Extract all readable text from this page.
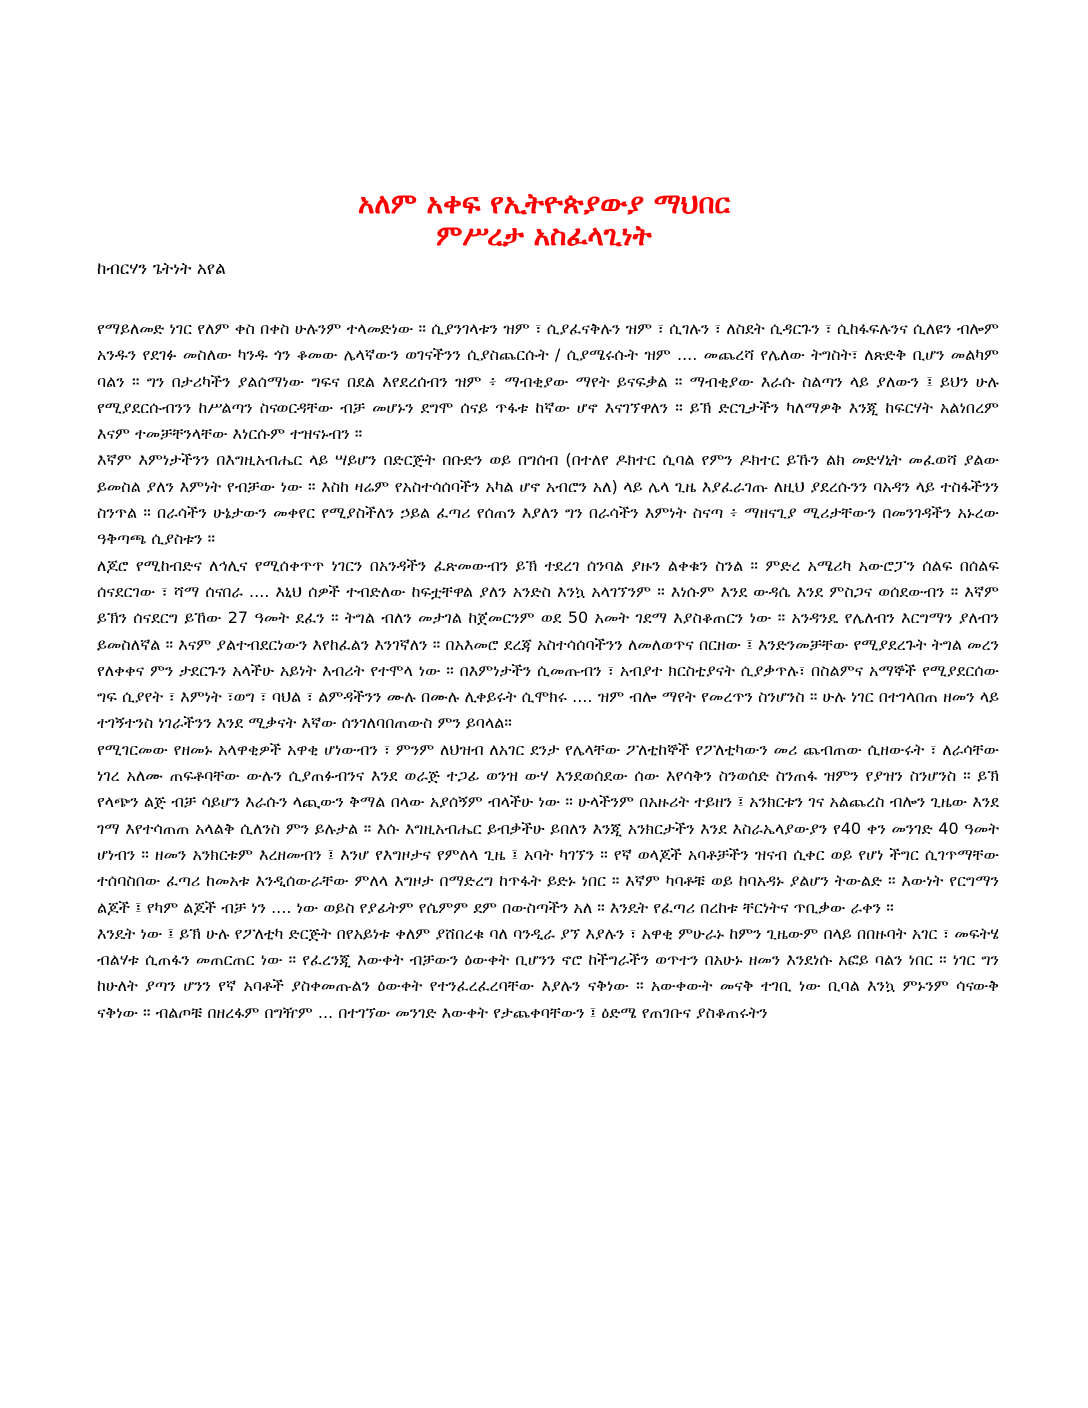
አለም አቀፍ የኢትዮጵያውያ ማህበር

ምሥረታ አስፈላጊነት

ከብርሃን ጌትነት አየል

የማይለመድ ነገር የለም ቀስ በቀስ ሁሉንም ተላመድነው ። ሲያንገላቱን ዝም ፣ ሲያፈናቅሉን ዝም ፣ ሲገሉን ፣ ለስደት ሲዳርጉን ፣ ሲከፋፍሉንና ሲለዩን ብሎም አንዱን የደገፉ መስለው ካንዱ ጎን ቆመው ሌላኛውን ወገናችንን ሲያስጨርሱት / ሲያሜሩሱት ዝም .... መጨረሻ የሌለው ትግስት፣ ለጽድቅ ቢሆን መልካም ባልን ። ግን በታሪካችን ያልሰማነው ግፍና በደል እየደረሰብን ዝም ፥ ማብቂያው ማየት ይናፍቃል ። ማብቂያው እራሱ ስልጣን ላይ ያለውን ፤ ይህን ሁሉ የሚያደርሱብንን ከሥልጣን ስናወርዳቸው ብቻ መሆኑን ደግሞ ሰናይ ጥፋቱ ከኛው ሆኖ እናገኘዋለን ። ይኽ ድርጊታችን ካለማዎቅ እንጂ ከፍርሃት አልነበረም እናም ተመቻቸንላቸው እነርሱም ተዝናኑብን ።

እኛም እምነታችንን በእግዚአብሔር ላይ ሣይሆን በድርጅት በቡድን ወይ በግሰብ (በተለየ ዶክተር ሲባል የምን ዶክተር ይኹን ልክ መድሃኒት መፈወሻ ያልው ይመስል ያለን እምነት የብቻው ነው ። እስከ ዛሬም የአስተሳሰባችን አካል ሆኖ አብሮን አለ) ላይ ሌላ ጊዜ እያፈራገጡ ለዚህ ያደረሱንን ባአዳን ላይ ተስፋችንን ስንጥል ። በራሳችን ሁኔታውን መቀየር የሚያስችለን ኃይል ፈጣሪ የሰጠን እያለን ግን በራሳችን እምነት ስናጣ ፥ ማዘናጊያ ሚሪታቸውን በመንገዳችን አኑረው ዓቅጣጫ ሲያስቱን ።

ለጆሮ የሚከብድና ለኅሊና የሚሰቀጥጥ ነገርን በአንዳችን ፈጽመውብን ይኽ ተደረገ ሰንባል ያዙን ልቀቁን ስንል ። ምድረ አሜሪካ አውሮፓን ሰልፍ በሰልፍ ሰናደርገው ፣ ሻማ ሰናበራ .... እኒህ ሰዎች ተብድለው ከፍቷቸዋል ያለን አንድስ እንኳ አላገኘንም ። እነሱም እንደ ውዳሴ እንደ ምስጋና ወሰደውብን ። እኛም ይኽን ሰናደርግ ይኸው 27 ዓመት ደፈን ። ትግል ብለን መታገል ከጀመርንም ወደ 50 አመት ገደማ እያስቆጠርን ነው ። አንዳንዴ የሌለብን እርግማን ያለብን ይመስለኛል ። እናም ያልተብደርነውን እየከፈልን እንገኛለን ። በአእመሮ ደረጃ አስተሳሰባችንን ለመለወጥና በርዘው ፤ እንድንመቻቸው የሚያደረጉት ትግል መረን የለቀቀና ምን ታደርጉን አላችሁ አይነት እብሪት የተሞላ ነው ። በእምነታችን ሲመጡብን ፣ አብያተ ክርስቲያናት ሲያቃጥሉ፣ በስልምና አማኞች የሚያደርሰው ግፍ ሲያየት ፣ እምነት ፣ወግ ፣ ባህል ፣ ልምዳችንን ሙሉ በሙሉ ሊቀይሩት ሲሞክሩ .... ዝም ብሎ ማየት የመረጥን ስንሆንስ ። ሁሉ ነገር በተገላበጠ ዘመን ላይ ተገኝተንስ ነገራችንን እንደ ሚቃናት እኛው ሰንገለባበጠውስ ምን ይባላል።

የሚገርመው የዘመኑ አላዋቂዎች አዋቂ ሆነውብን ፣ ምንም ለህዝብ ለአገር ደንታ የሌላቸው ፖለቲከኞች የፖለቲካውን መሪ ጨብጠው ሲዘውሩት ፣ ለራሳቸው ነገረ አለሙ ጠፍቶባቸው ውሉን ሲያጠፉብንና እንደ ወራጅ ተጋፊ ወንዝ ውሃ እንደወሰደው ሰው እየሳቅን ስንወሰድ ስንጠፋ ዝምን የያዝን ስንሆንስ ። ይኽ የላጭን ልጅ ብቻ ሳይሆን እራሱን ላጪውን ቅማል በላው አያሰኝም ብላችሁ ነው ። ሁላችንም በአዙሪት ተይዘን ፤ አንክርቱን ገና አልጨረስ ብሎን ጊዜው እንደ ገማ እየተሳጠጠ አላልቅ ሲለንስ ምን ይሉታል ። እሱ እግዚአብሔር ይብቃችሁ ይበለን እንጂ አንክርታችን እንደ እስራኤላያውያን የ40 ቀን መንገድ 40 ዓመት ሆነብን ። ዘመን አንክርቱም እረዘመብን ፤ እንሆ የእግዞታና የምለላ ጊዜ ፤ አባት ካገኘን ። የኛ ወላጆች አባቶቻችን ዝናብ ሲቀር ወይ የሆነ ችግር ሲገጥማቸው ተሰባስበው ፈጣሪ ከመአቱ እንዲሰውራቸው ምለላ እግዞታ በማድረግ ከጥፋት ይድኑ ነበር ። እኛም ካባቶቹ ወይ ከባአዳኑ ያልሆን ትውልድ ። እውነት የርግማን ልጆች ፤ የካም ልጆች ብቻ ነን .... ነው ወይስ የያፊትም የሴምም ደም በውስጣችን አለ ። እንዴት የፈጣሪ በረከቱ ቸርነትና ጥቢቃው ራቀን ።

እንዴት ነው ፤ ይኽ ሁሉ የፖለቲካ ድርጅት በየአይነቱ ቀለም ያሸበረቁ ባለ ባንዲራ ያኘ እያሉን ፣ አዋቂ ምሁራኑ ከምን ጊዜውም በላይ በበዙባት አገር ፣ መፍትሄ ብልሃቱ ሲጠፋን መጠርጠር ነው ። የፈረንጂ እውቀት ብቻውን ዕውቀት ቢሆንን ኖሮ ከችግራችን ወጥተን በአሁኑ ዘመን እንደነሱ አፎይ ባልን ነበር ። ነገር ግን ከሁለት ያጣን ሆንን የኛ አባቶች ያስቀመጡልን ዕውቀት የተንፈረፈረባቸው እያሉን ናቅነው ። አውቀውት መናቅ ተገቢ ነው ቢባል እንኳ ምኑንም ሳናውቅ ናቅነው ። ብልጦቹ በዘረፋም በግዥም ... በተገኘው መንገድ እውቀት የታጨቀባቸውን ፤ ዕድሜ የጠገቡና ያስቆጠሩትን
